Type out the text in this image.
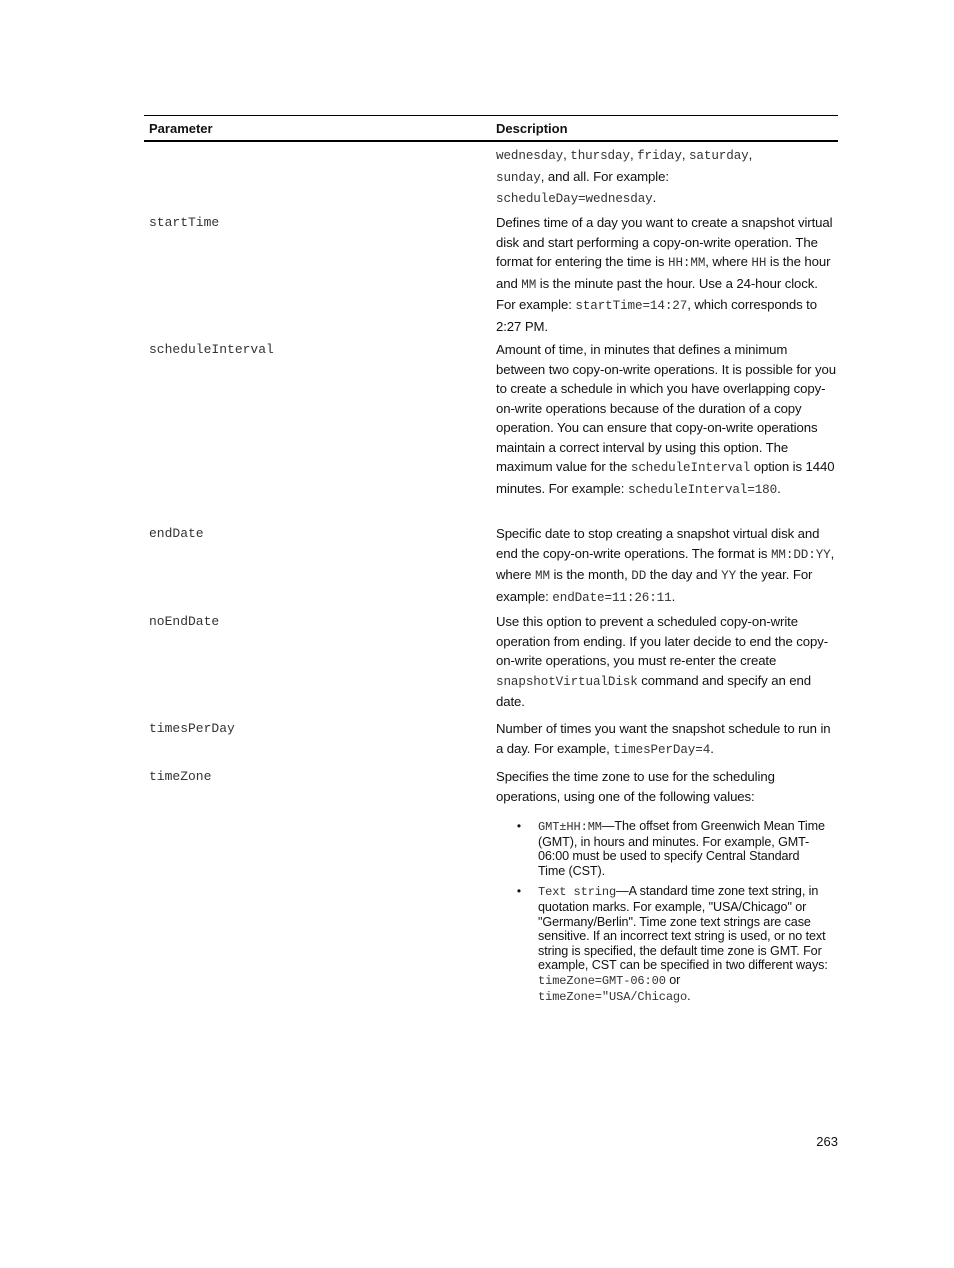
Parameter	Description
wednesday, thursday, friday, saturday,
sunday, and all. For example:
scheduleDay=wednesday.
startTime	Defines time of a day you want to create a snapshot virtual disk and start performing a copy-on-write operation. The format for entering the time is HH:MM, where HH is the hour and MM is the minute past the hour. Use a 24-hour clock. For example: startTime=14:27, which corresponds to 2:27 PM.
scheduleInterval	Amount of time, in minutes that defines a minimum between two copy-on-write operations. It is possible for you to create a schedule in which you have overlapping copy-on-write operations because of the duration of a copy operation. You can ensure that copy-on-write operations maintain a correct interval by using this option. The maximum value for the scheduleInterval option is 1440 minutes. For example: scheduleInterval=180.
endDate	Specific date to stop creating a snapshot virtual disk and end the copy-on-write operations. The format is MM:DD:YY, where MM is the month, DD the day and YY the year. For example: endDate=11:26:11.
noEndDate	Use this option to prevent a scheduled copy-on-write operation from ending. If you later decide to end the copy-on-write operations, you must re-enter the create snapshotVirtualDisk command and specify an end date.
timesPerDay	Number of times you want the snapshot schedule to run in a day. For example, timesPerDay=4.
timeZone	Specifies the time zone to use for the scheduling operations, using one of the following values:
•	GMT±HH:MM—The offset from Greenwich Mean Time (GMT), in hours and minutes. For example, GMT-06:00 must be used to specify Central Standard Time (CST).
•	Text string—A standard time zone text string, in quotation marks. For example, "USA/Chicago" or "Germany/Berlin". Time zone text strings are case sensitive. If an incorrect text string is used, or no text string is specified, the default time zone is GMT. For example, CST can be specified in two different ways: timeZone=GMT-06:00 or
timeZone="USA/Chicago.
263
